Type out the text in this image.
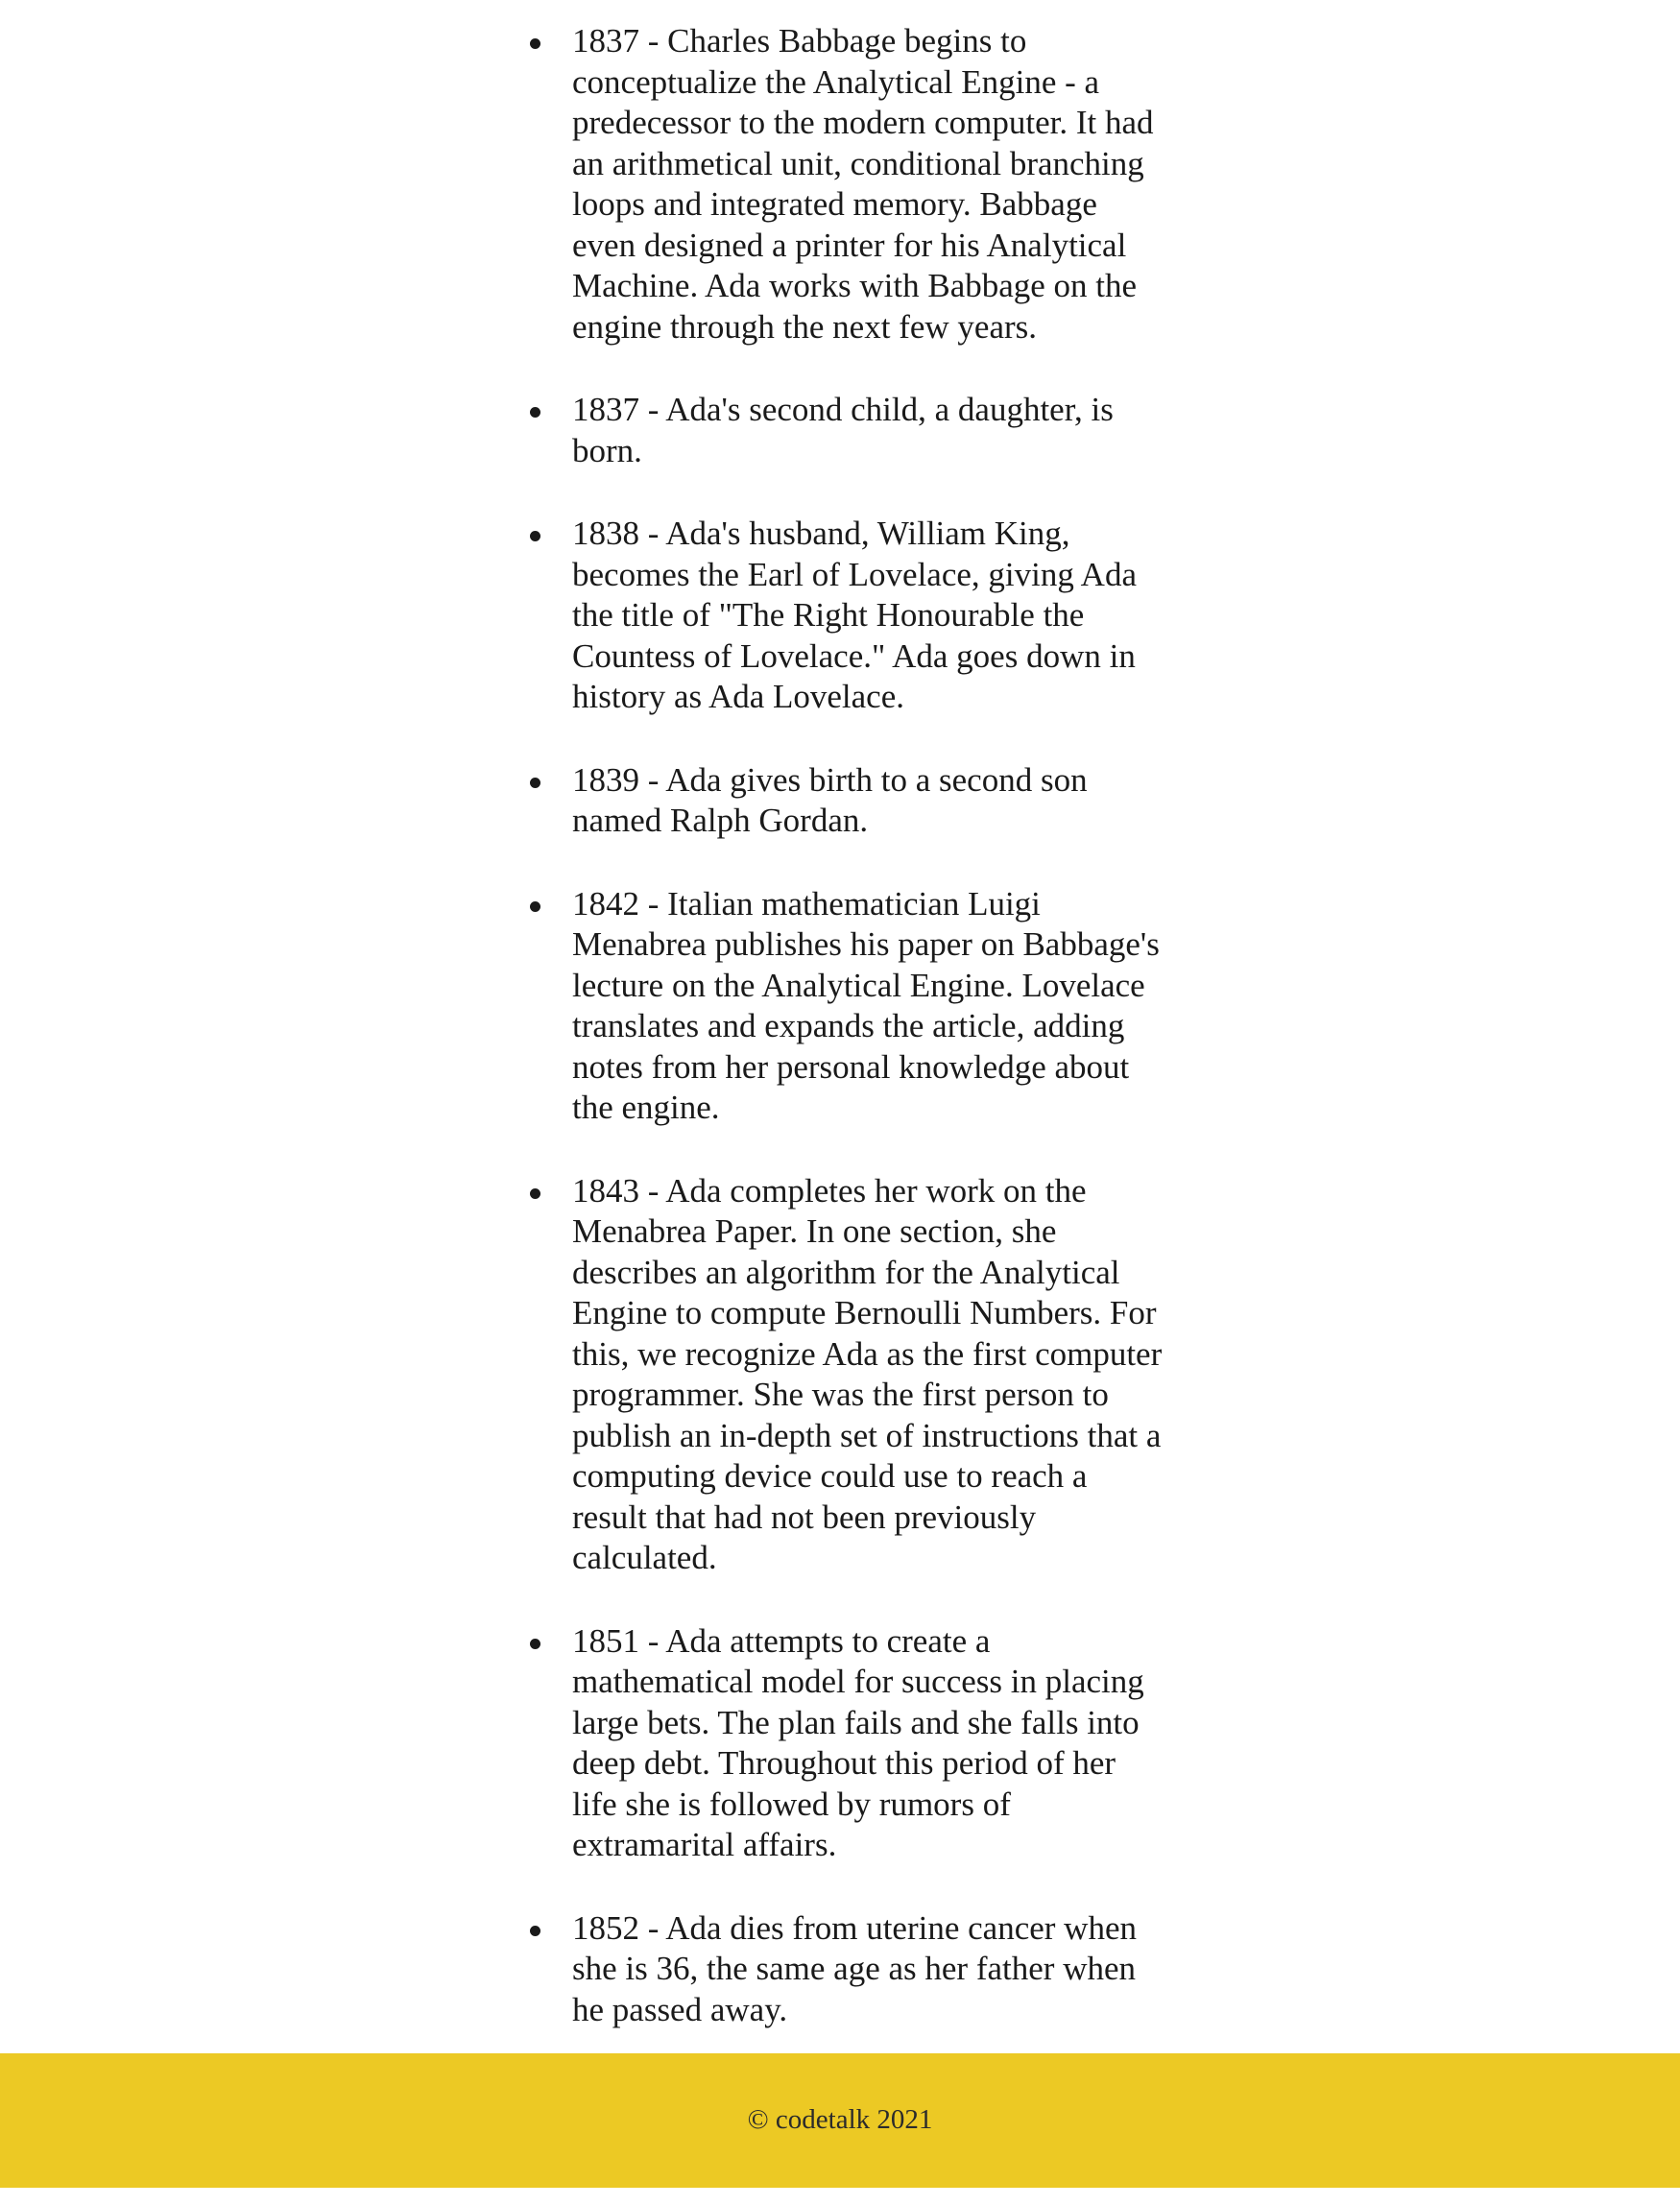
1837 - Charles Babbage begins to
conceptualize the Analytical Engine - a
predecessor to the modern computer. It had
an arithmetical unit, conditional branching
loops and integrated memory. Babbage
even designed a printer for his Analytical
Machine. Ada works with Babbage on the
engine through the next few years.
1837 - Ada's second child, a daughter, is
born.
1838 - Ada's husband, William King,
becomes the Earl of Lovelace, giving Ada
the title of "The Right Honourable the
Countess of Lovelace." Ada goes down in
history as Ada Lovelace.
1839 - Ada gives birth to a second son
named Ralph Gordan.
1842 - Italian mathematician Luigi
Menabrea publishes his paper on Babbage's
lecture on the Analytical Engine. Lovelace
translates and expands the article, adding
notes from her personal knowledge about
the engine.
1843 - Ada completes her work on the
Menabrea Paper. In one section, she
describes an algorithm for the Analytical
Engine to compute Bernoulli Numbers. For
this, we recognize Ada as the first computer
programmer. She was the first person to
publish an in-depth set of instructions that a
computing device could use to reach a
result that had not been previously
calculated.
1851 - Ada attempts to create a
mathematical model for success in placing
large bets. The plan fails and she falls into
deep debt. Throughout this period of her
life she is followed by rumors of
extramarital affairs.
1852 - Ada dies from uterine cancer when
she is 36, the same age as her father when
he passed away.
© codetalk 2021
